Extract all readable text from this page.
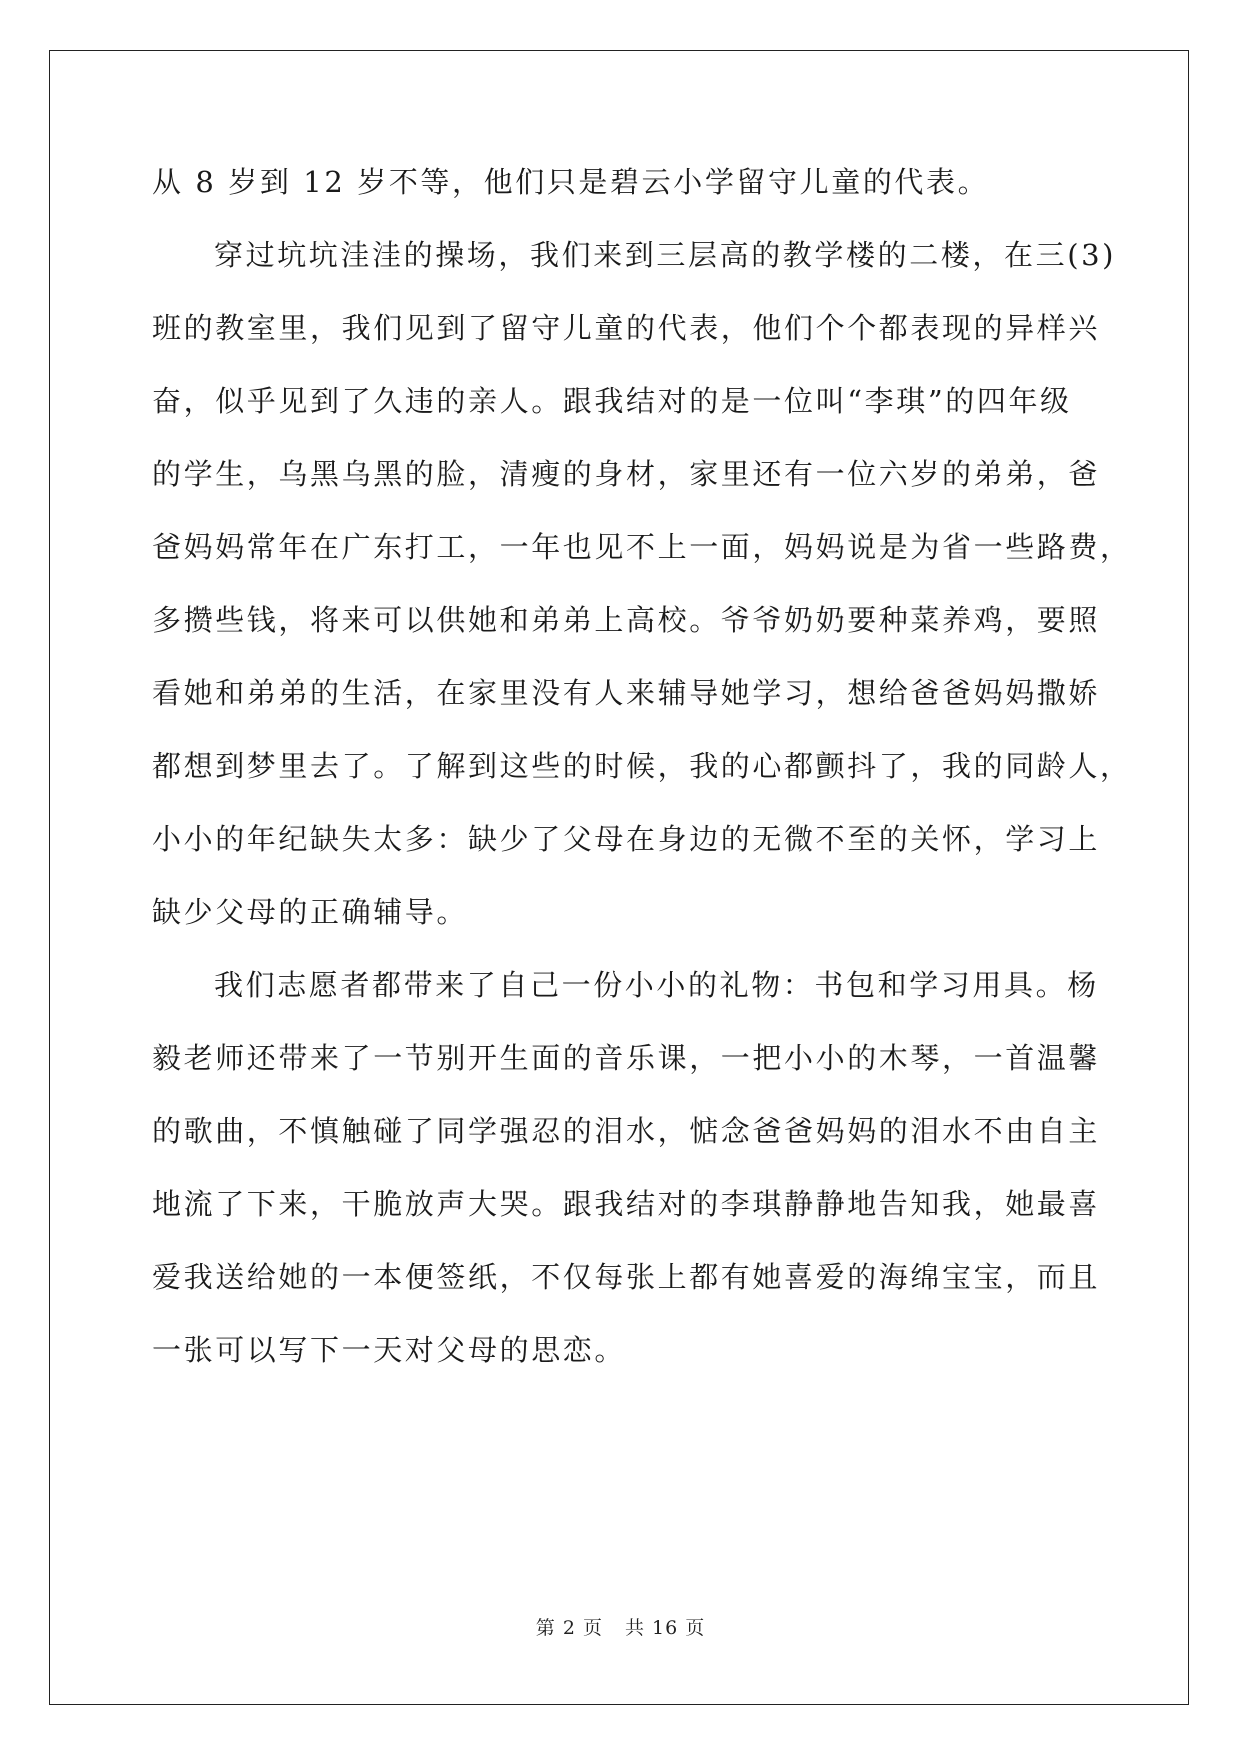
从 8 岁到 12 岁不等，他们只是碧云小学留守儿童的代表。
穿过坑坑洼洼的操场，我们来到三层高的教学楼的二楼，在三(3)
班的教室里，我们见到了留守儿童的代表，他们个个都表现的异样兴
奋，似乎见到了久违的亲人。跟我结对的是一位叫“李琪”的四年级
的学生，乌黑乌黑的脸，清瘦的身材，家里还有一位六岁的弟弟，爸
爸妈妈常年在广东打工，一年也见不上一面，妈妈说是为省一些路费，
多攒些钱，将来可以供她和弟弟上高校。爷爷奶奶要种菜养鸡，要照
看她和弟弟的生活，在家里没有人来辅导她学习，想给爸爸妈妈撒娇
都想到梦里去了。了解到这些的时候，我的心都颤抖了，我的同龄人，
小小的年纪缺失太多：缺少了父母在身边的无微不至的关怀，学习上
缺少父母的正确辅导。
我们志愿者都带来了自己一份小小的礼物：书包和学习用具。杨
毅老师还带来了一节别开生面的音乐课，一把小小的木琴，一首温馨
的歌曲，不慎触碰了同学强忍的泪水，惦念爸爸妈妈的泪水不由自主
地流了下来，干脆放声大哭。跟我结对的李琪静静地告知我，她最喜
爱我送给她的一本便签纸，不仅每张上都有她喜爱的海绵宝宝，而且
一张可以写下一天对父母的思恋。
第 2 页 共 16 页
